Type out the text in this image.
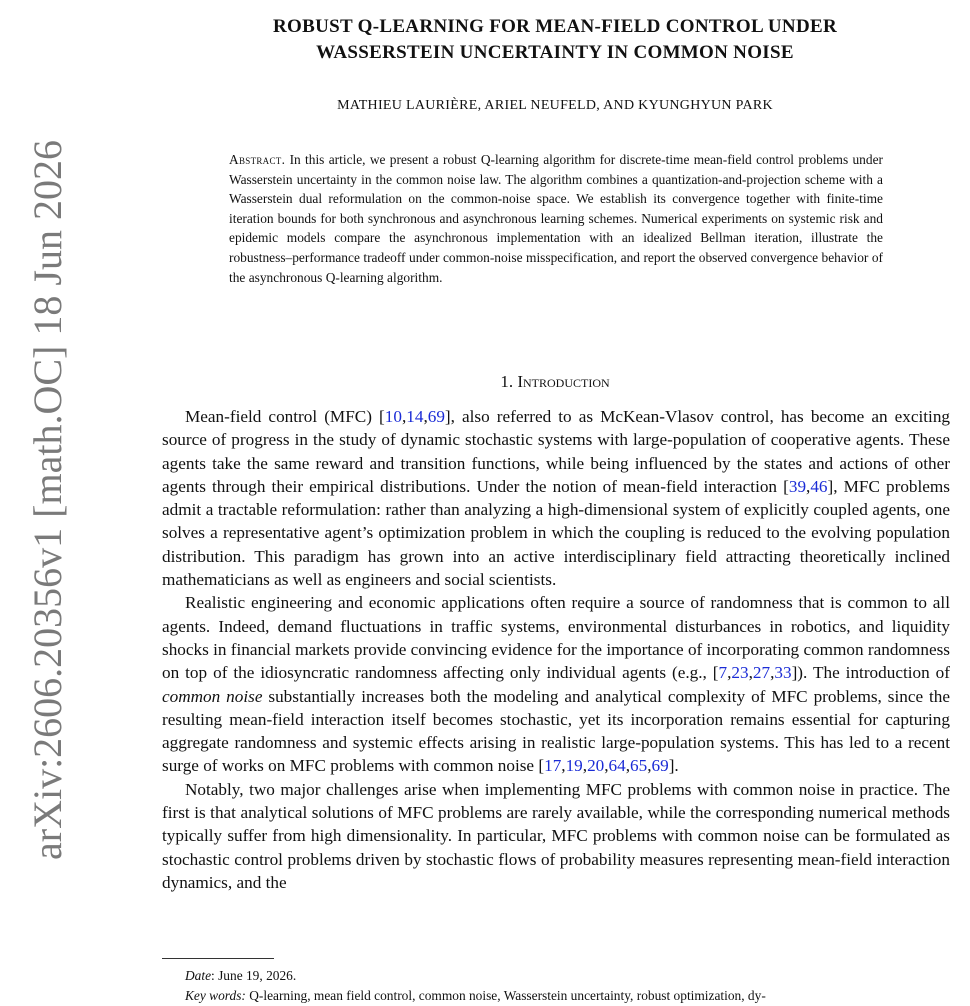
arXiv:2606.20356v1 [math.OC] 18 Jun 2026
ROBUST Q-LEARNING FOR MEAN-FIELD CONTROL UNDER
WASSERSTEIN UNCERTAINTY IN COMMON NOISE
MATHIEU LAURIÈRE, ARIEL NEUFELD, AND KYUNGHYUN PARK
Abstract. In this article, we present a robust Q-learning algorithm for discrete-time mean-field control problems under Wasserstein uncertainty in the common noise law. The algorithm combines a quantization-and-projection scheme with a Wasserstein dual reformulation on the common-noise space. We establish its convergence together with finite-time iteration bounds for both synchronous and asynchronous learning schemes. Numerical experiments on systemic risk and epidemic models compare the asynchronous implementation with an idealized Bellman iteration, illustrate the robustness–performance tradeoff under common-noise misspecification, and report the observed convergence behavior of the asynchronous Q-learning algorithm.
1. Introduction

Mean-field control (MFC) [10,14,69], also referred to as McKean-Vlasov control, has become an exciting source of progress in the study of dynamic stochastic systems with large-population of cooperative agents. These agents take the same reward and transition functions, while being influenced by the states and actions of other agents through their empirical distributions. Under the notion of mean-field interaction [39,46], MFC problems admit a tractable reformulation: rather than analyzing a high-dimensional system of explicitly coupled agents, one solves a representative agent’s optimization problem in which the coupling is reduced to the evolving population distribution. This paradigm has grown into an active interdisciplinary field attracting theoretically inclined mathematicians as well as engineers and social scientists.

Realistic engineering and economic applications often require a source of randomness that is common to all agents. Indeed, demand fluctuations in traffic systems, environmental disturbances in robotics, and liquidity shocks in financial markets provide convincing evidence for the importance of incorporating common randomness on top of the idiosyncratic randomness affecting only individual agents (e.g., [7,23,27,33]). The introduction of common noise substantially increases both the modeling and analytical complexity of MFC problems, since the resulting mean-field interaction itself becomes stochastic, yet its incorporation remains essential for capturing aggregate randomness and systemic effects arising in realistic large-population systems. This has led to a recent surge of works on MFC problems with common noise [17,19,20,64,65,69].

Notably, two major challenges arise when implementing MFC problems with common noise in practice. The first is that analytical solutions of MFC problems are rarely available, while the corresponding numerical methods typically suffer from high dimensionality. In particular, MFC problems with common noise can be formulated as stochastic control problems driven by stochastic flows of probability measures representing mean-field interaction dynamics, and the

Date: June 19, 2026.

Key words: Q-learning, mean field control, common noise, Wasserstein uncertainty, robust optimization, dy-
